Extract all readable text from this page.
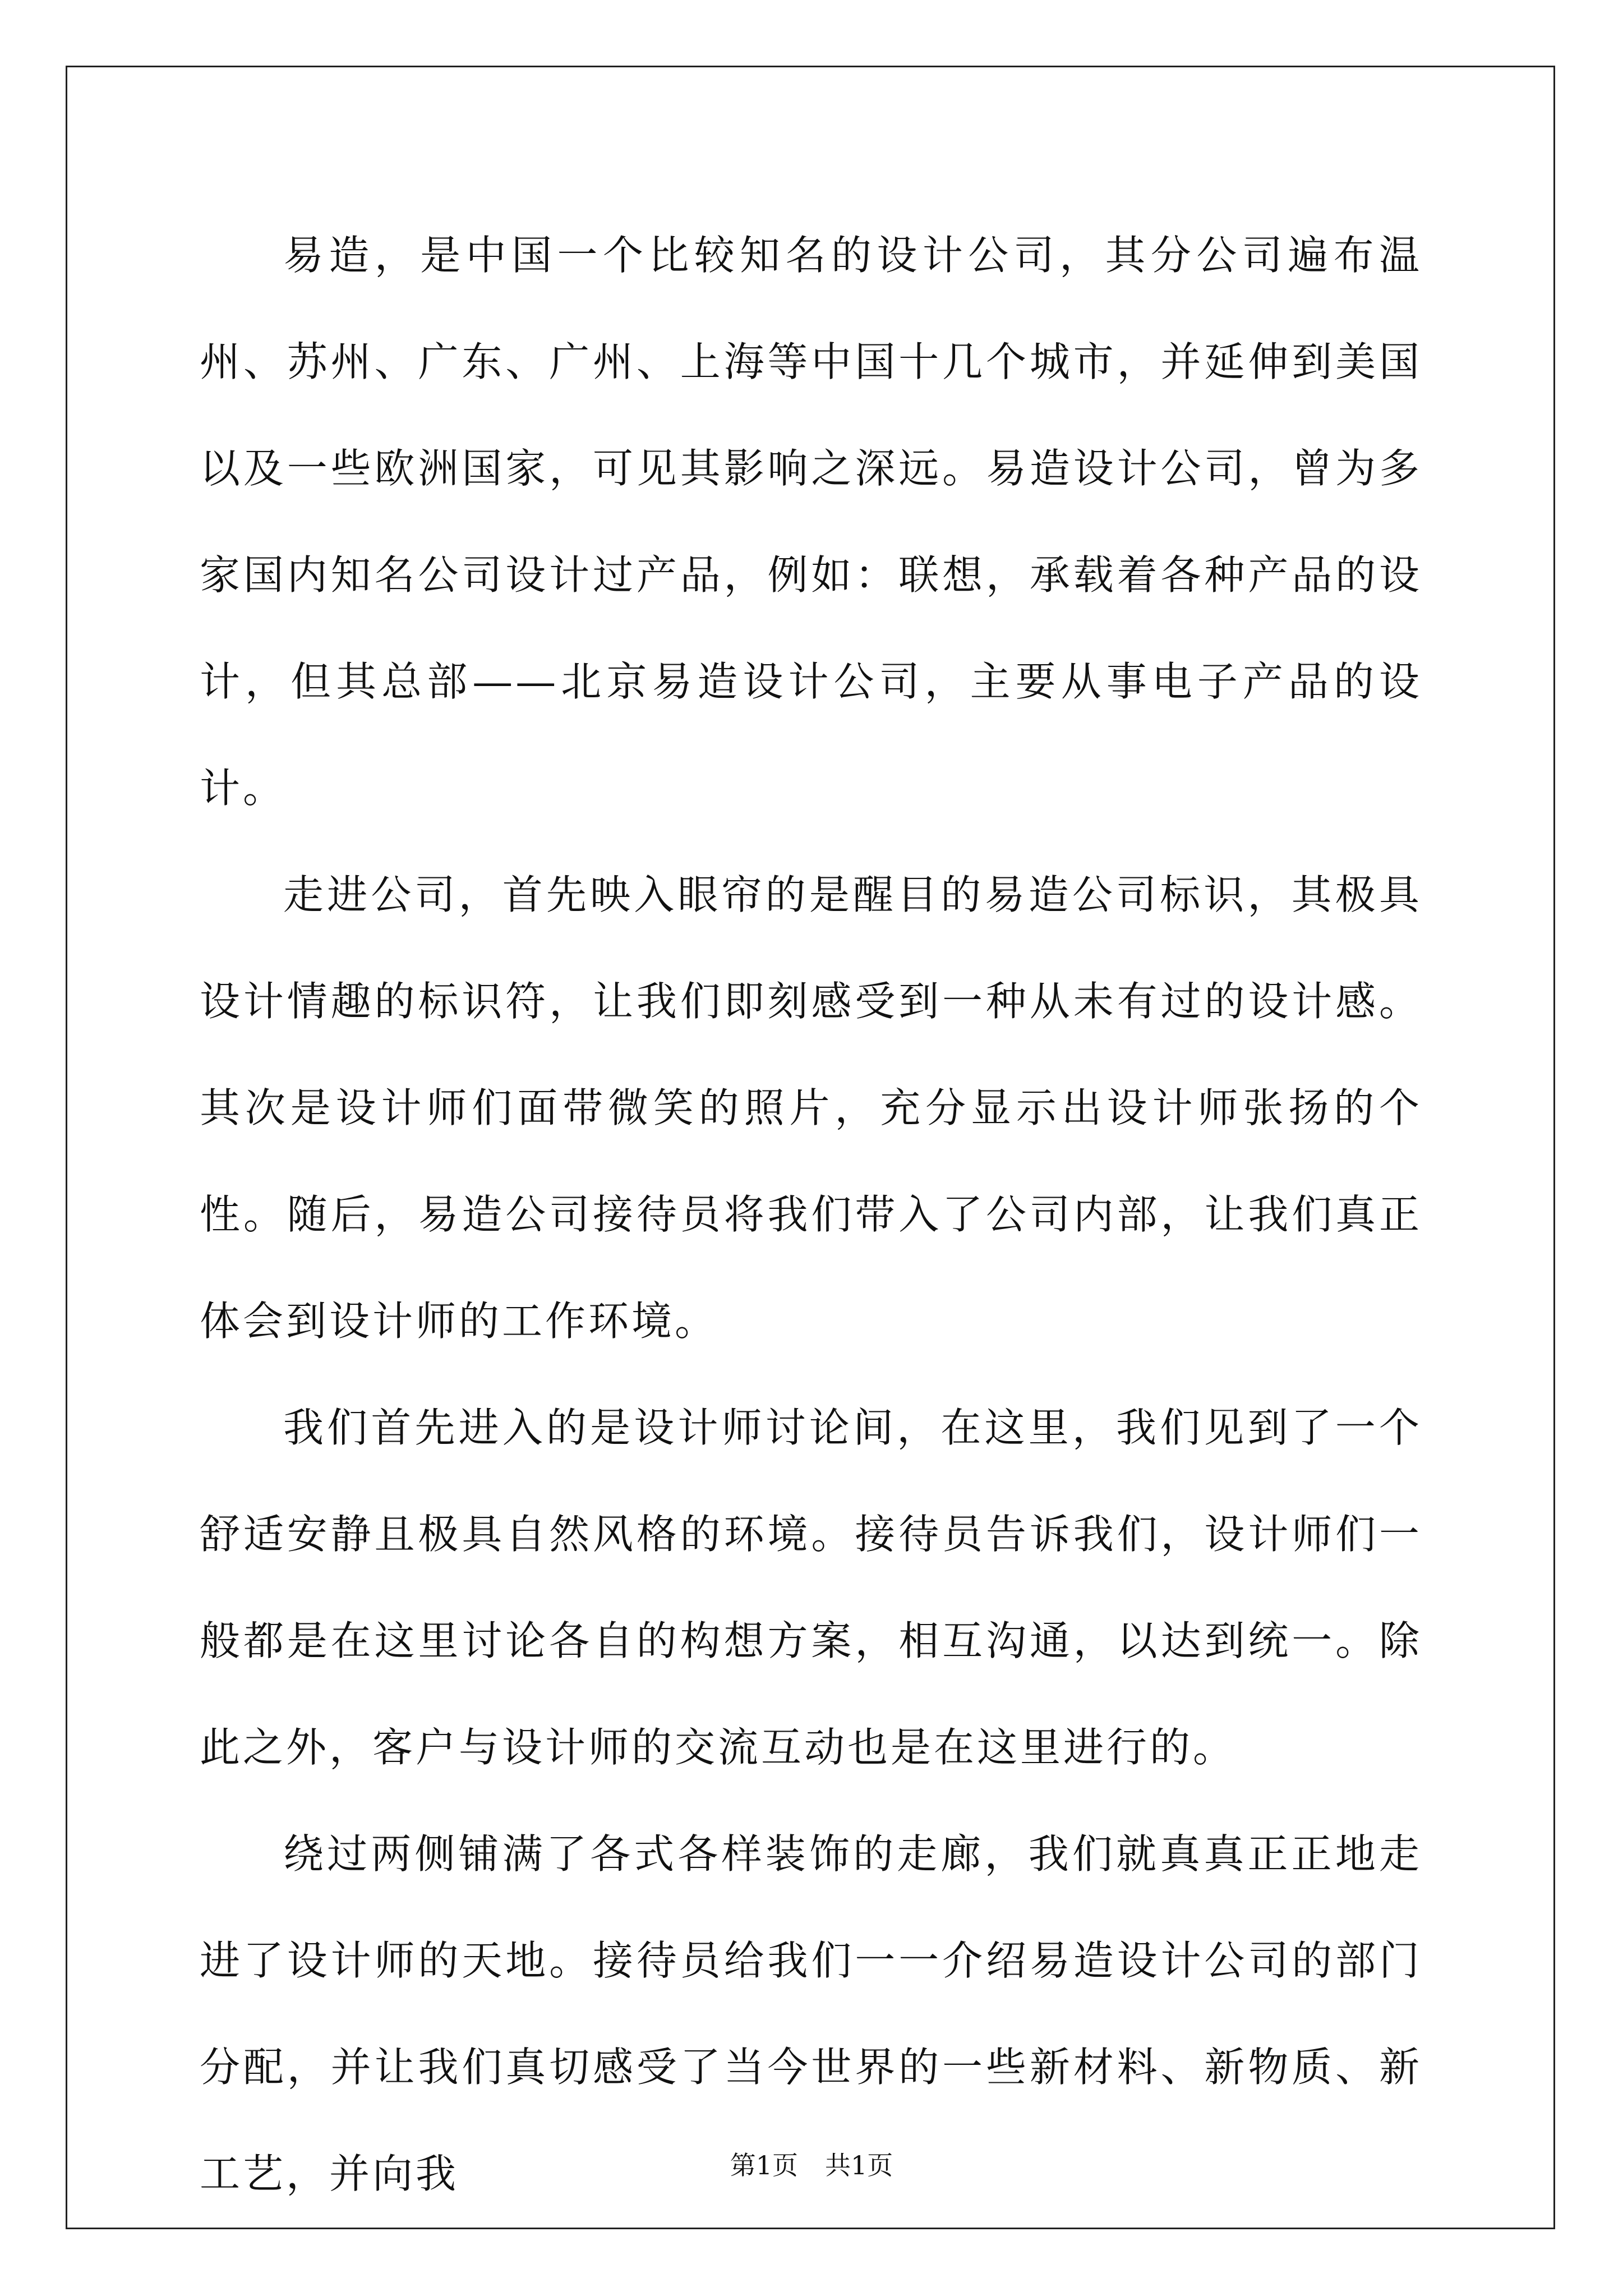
易造，是中国一个比较知名的设计公司，其分公司遍布温州、苏州、广东、广州、上海等中国十几个城市，并延伸到美国以及一些欧洲国家，可见其影响之深远。易造设计公司，曾为多家国内知名公司设计过产品，例如：联想，承载着各种产品的设计，但其总部——北京易造设计公司，主要从事电子产品的设计。

走进公司，首先映入眼帘的是醒目的易造公司标识，其极具设计情趣的标识符，让我们即刻感受到一种从未有过的设计感。其次是设计师们面带微笑的照片，充分显示出设计师张扬的个性。随后，易造公司接待员将我们带入了公司内部，让我们真正体会到设计师的工作环境。

我们首先进入的是设计师讨论间，在这里，我们见到了一个舒适安静且极具自然风格的环境。接待员告诉我们，设计师们一般都是在这里讨论各自的构想方案，相互沟通，以达到统一。除此之外，客户与设计师的交流互动也是在这里进行的。

绕过两侧铺满了各式各样装饰的走廊，我们就真真正正地走进了设计师的天地。接待员给我们一一介绍易造设计公司的部门分配，并让我们真切感受了当今世界的一些新材料、新物质、新工艺，并向我	第1页 共1页
